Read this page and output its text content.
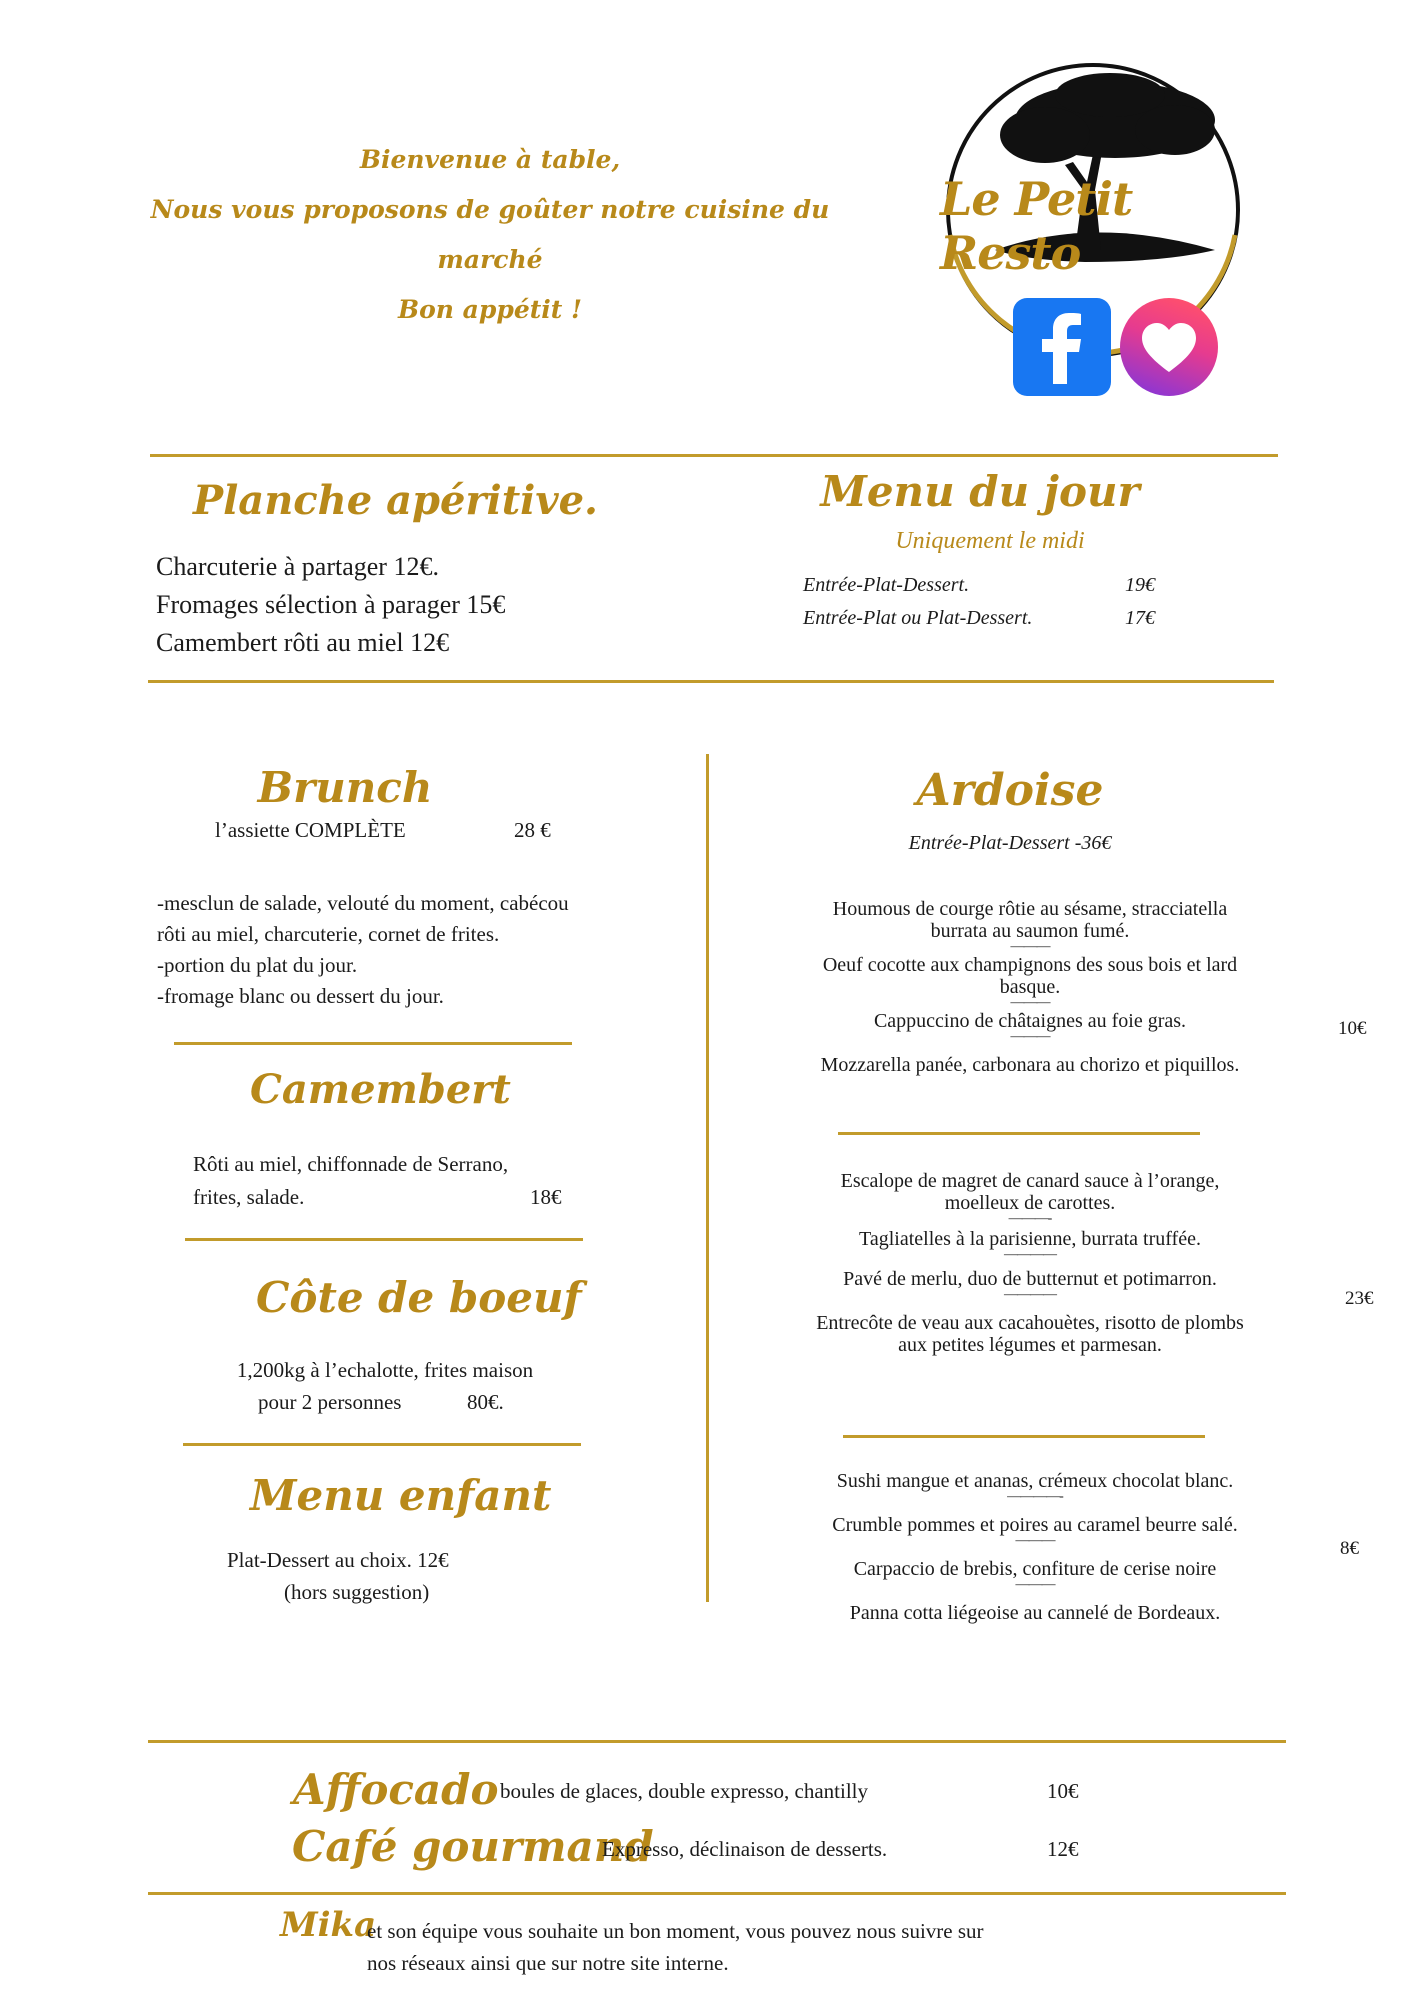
Bienvenue à table,
Nous vous proposons de goûter notre cuisine du marché
Bon appétit !
Le Petit Resto
Planche apéritive.
Charcuterie à partager 12€.
Fromages sélection à parager 15€
Camembert rôti au miel 12€
Menu du jour
Uniquement le midi
Entrée-Plat-Dessert.	19€
Entrée-Plat ou Plat-Dessert.	17€
Brunch
l’assiette COMPLÈTE	28 €
-mesclun de salade, velouté du moment, cabécou
rôti au miel, charcuterie, cornet de frites.
-portion du plat du jour.
-fromage blanc ou dessert du jour.
Camembert
Rôti au miel, chiffonnade de Serrano,
frites, salade.	18€
Côte de boeuf
1,200kg à l’echalotte, frites maison
pour 2 personnes	80€.
Menu enfant
Plat-Dessert au choix. 12€
(hors suggestion)
Ardoise
Entrée-Plat-Dessert -36€
Houmous de courge rôtie au sésame, stracciatella
burrata au saumon fumé.
———
Oeuf cocotte aux champignons des sous bois et lard
basque.
———
Cappuccino de châtaignes au foie gras.
———
Mozzarella panée, carbonara au chorizo et piquillos.
10€
Escalope de magret de canard sauce à l’orange,
moelleux de carottes.
———-
Tagliatelles à la parisienne, burrata truffée.
————
Pavé de merlu, duo de butternut et potimarron.
————
Entrecôte de veau aux cacahouètes, risotto de plombs
aux petites légumes et parmesan.
23€
Sushi mangue et ananas, crémeux chocolat blanc.
————-
Crumble pommes et poires au caramel beurre salé.
———
Carpaccio de brebis, confiture de cerise noire
———
Panna cotta liégeoise au cannelé de Bordeaux.
8€
Affocado boules de glaces, double expresso, chantilly	10€
Café gourmand
Expresso, déclinaison de desserts.	12€
Mika
et son équipe vous souhaite un bon moment, vous pouvez nous suivre sur
nos réseaux ainsi que sur notre site interne.
